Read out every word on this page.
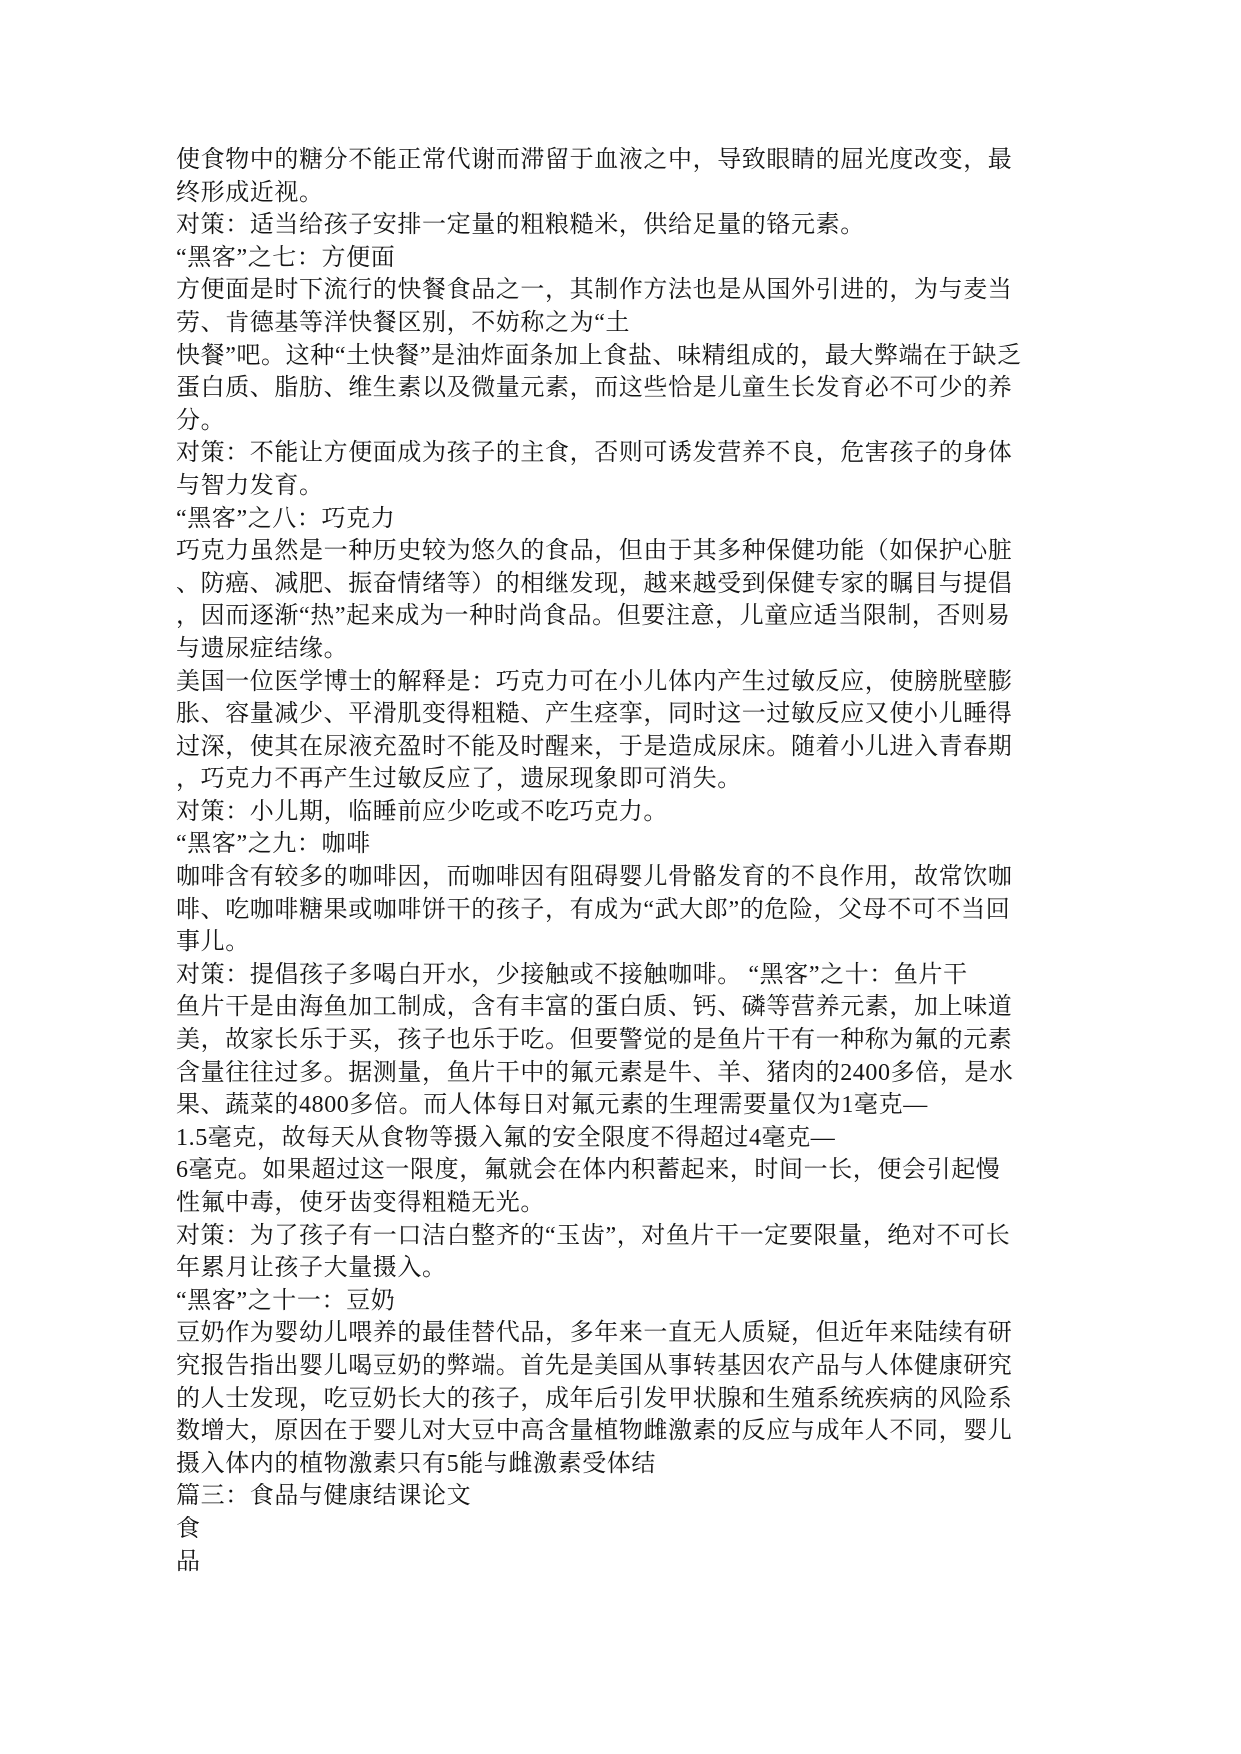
使食物中的糖分不能正常代谢而滞留于血液之中，导致眼睛的屈光度改变，最

终形成近视。

对策：适当给孩子安排一定量的粗粮糙米，供给足量的铬元素。

“黑客”之七：方便面

方便面是时下流行的快餐食品之一，其制作方法也是从国外引进的，为与麦当

劳、肯德基等洋快餐区别，不妨称之为“土

快餐”吧。这种“土快餐”是油炸面条加上食盐、味精组成的，最大弊端在于缺乏

蛋白质、脂肪、维生素以及微量元素，而这些恰是儿童生长发育必不可少的养

分。

对策：不能让方便面成为孩子的主食，否则可诱发营养不良，危害孩子的身体

与智力发育。

“黑客”之八：巧克力

巧克力虽然是一种历史较为悠久的食品，但由于其多种保健功能（如保护心脏

、防癌、减肥、振奋情绪等）的相继发现，越来越受到保健专家的瞩目与提倡

，因而逐渐“热”起来成为一种时尚食品。但要注意，儿童应适当限制，否则易

与遗尿症结缘。

美国一位医学博士的解释是：巧克力可在小儿体内产生过敏反应，使膀胱壁膨

胀、容量减少、平滑肌变得粗糙、产生痉挛，同时这一过敏反应又使小儿睡得

过深，使其在尿液充盈时不能及时醒来，于是造成尿床。随着小儿进入青春期

，巧克力不再产生过敏反应了，遗尿现象即可消失。

对策：小儿期，临睡前应少吃或不吃巧克力。

“黑客”之九：咖啡

咖啡含有较多的咖啡因，而咖啡因有阻碍婴儿骨骼发育的不良作用，故常饮咖

啡、吃咖啡糖果或咖啡饼干的孩子，有成为“武大郎”的危险，父母不可不当回

事儿。

对策：提倡孩子多喝白开水，少接触或不接触咖啡。 “黑客”之十：鱼片干

鱼片干是由海鱼加工制成，含有丰富的蛋白质、钙、磷等营养元素，加上味道

美，故家长乐于买，孩子也乐于吃。但要警觉的是鱼片干有一种称为氟的元素

含量往往过多。据测量，鱼片干中的氟元素是牛、羊、猪肉的2400多倍，是水

果、蔬菜的4800多倍。而人体每日对氟元素的生理需要量仅为1毫克—

1.5毫克，故每天从食物等摄入氟的安全限度不得超过4毫克—

6毫克。如果超过这一限度，氟就会在体内积蓄起来，时间一长，便会引起慢

性氟中毒，使牙齿变得粗糙无光。

对策：为了孩子有一口洁白整齐的“玉齿”，对鱼片干一定要限量，绝对不可长

年累月让孩子大量摄入。

“黑客”之十一：豆奶

豆奶作为婴幼儿喂养的最佳替代品，多年来一直无人质疑，但近年来陆续有研

究报告指出婴儿喝豆奶的弊端。首先是美国从事转基因农产品与人体健康研究

的人士发现，吃豆奶长大的孩子，成年后引发甲状腺和生殖系统疾病的风险系

数增大，原因在于婴儿对大豆中高含量植物雌激素的反应与成年人不同，婴儿

摄入体内的植物激素只有5能与雌激素受体结

篇三：食品与健康结课论文

食

品
